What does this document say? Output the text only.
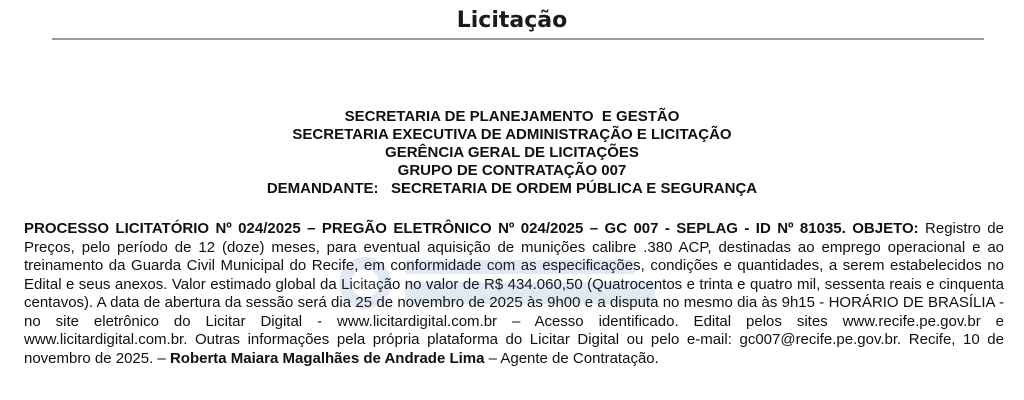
Licitação
SECRETARIA DE PLANEJAMENTO  E GESTÃO
SECRETARIA EXECUTIVA DE ADMINISTRAÇÃO E LICITAÇÃO
GERÊNCIA GERAL DE LICITAÇÕES
GRUPO DE CONTRATAÇÃO 007
DEMANDANTE:   SECRETARIA DE ORDEM PÚBLICA E SEGURANÇA
PROCESSO LICITATÓRIO Nº 024/2025 – PREGÃO ELETRÔNICO Nº 024/2025 – GC 007 - SEPLAG - ID Nº 81035. OBJETO: Registro de Preços, pelo período de 12 (doze) meses, para eventual aquisição de munições calibre .380 ACP, destinadas ao emprego operacional e ao treinamento da Guarda Civil Municipal do Recife, em conformidade com as especificações, condições e quantidades, a serem estabelecidos no Edital e seus anexos. Valor estimado global da Licitação no valor de R$ 434.060,50 (Quatrocentos e trinta e quatro mil, sessenta reais e cinquenta centavos). A data de abertura da sessão será dia 25 de novembro de 2025 às 9h00 e a disputa no mesmo dia às 9h15 - HORÁRIO DE BRASÍLIA - no site eletrônico do Licitar Digital - www.licitardigital.com.br – Acesso identificado. Edital pelos sites www.recife.pe.gov.br e www.licitardigital.com.br. Outras informações pela própria plataforma do Licitar Digital ou pelo e-mail: gc007@recife.pe.gov.br. Recife, 10 de novembro de 2025. – Roberta Maiara Magalhães de Andrade Lima – Agente de Contratação.
